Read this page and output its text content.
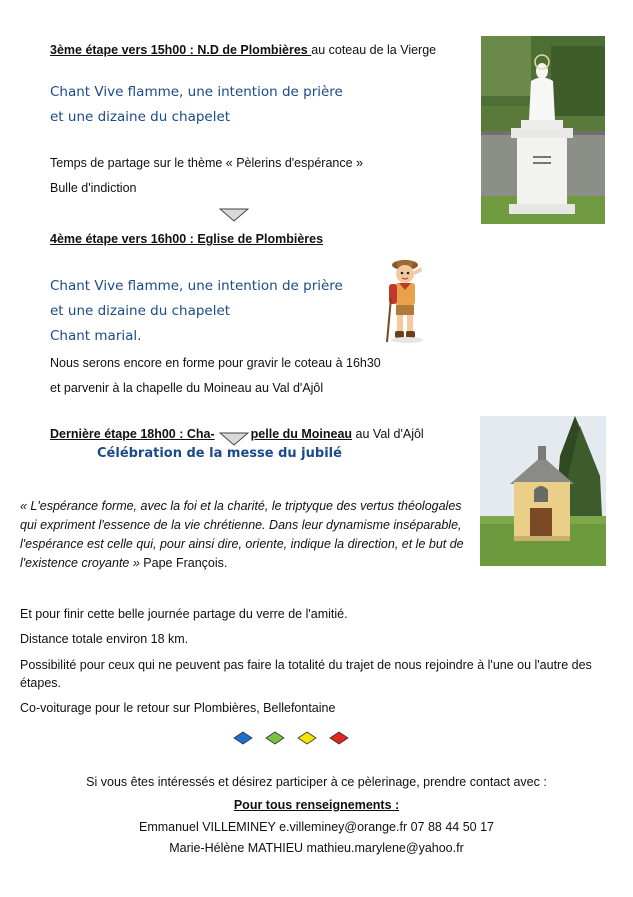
3ème étape vers 15h00 : N.D de Plombières au coteau de la Vierge
Chant Vive flamme, une intention de prière
et une dizaine du chapelet
Temps de partage sur le thème « Pèlerins d'espérance »
Bulle d'indiction
4ème étape vers 16h00 : Eglise de Plombières
Chant Vive flamme, une intention de prière
et une dizaine du chapelet
Chant marial.
Nous serons encore en forme pour gravir le coteau à 16h30
et parvenir à la chapelle du Moineau au Val d'Ajôl
Dernière étape 18h00 : Cha-	pelle du Moineau au Val d'Ajôl
Célébration de la messe du jubilé
« L'espérance forme, avec la foi et la charité, le triptyque des vertus théologales qui expriment l'essence de la vie chrétienne. Dans leur dynamisme inséparable, l'espérance est celle qui, pour ainsi dire, oriente, indique la direction, et le but de l'existence croyante » Pape François.
Et pour finir cette belle journée partage du verre de l'amitié.
Distance totale environ 18 km.
Possibilité pour ceux qui ne peuvent pas faire la totalité du trajet de nous rejoindre à l'une ou l'autre des étapes.
Co-voiturage pour le retour sur Plombières, Bellefontaine
Si vous êtes intéressés et désirez participer à ce pèlerinage, prendre contact avec :
Pour tous renseignements :
Emmanuel VILLEMINEY e.villeminey@orange.fr 07 88 44 50 17
Marie-Hélène MATHIEU mathieu.marylene@yahoo.fr
